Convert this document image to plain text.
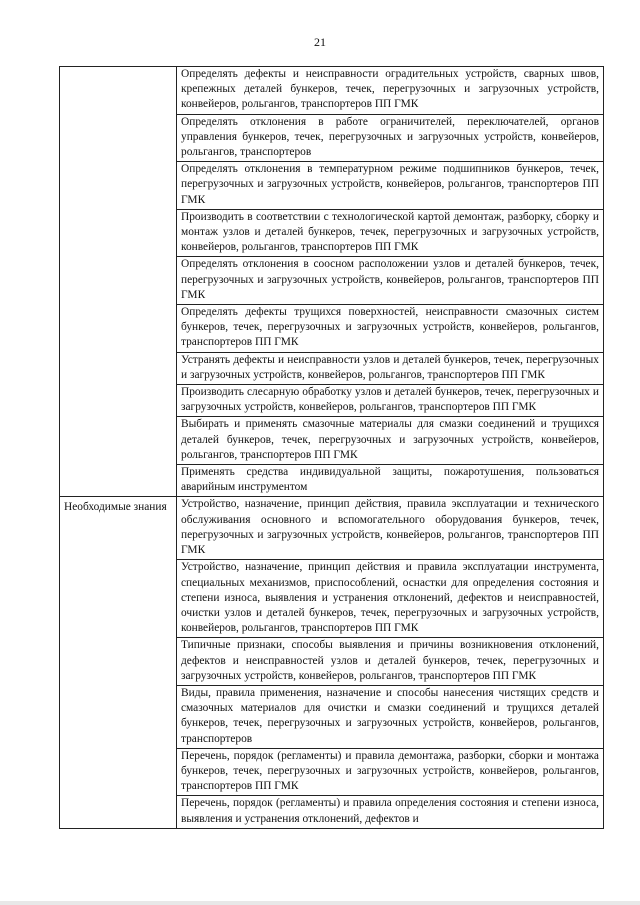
21

	Определять дефекты и неисправности оградительных устройств, сварных швов, крепежных деталей бункеров, течек, перегрузочных и загрузочных устройств, конвейеров, рольгангов, транспортеров ПП ГМК

	Определять отклонения в работе ограничителей, переключателей, органов управления бункеров, течек, перегрузочных и загрузочных устройств, конвейеров, рольгангов, транспортеров

	Определять отклонения в температурном режиме подшипников бункеров, течек, перегрузочных и загрузочных устройств, конвейеров, рольгангов, транспортеров ПП ГМК

	Производить в соответствии с технологической картой демонтаж, разборку, сборку и монтаж узлов и деталей бункеров, течек, перегрузочных и загрузочных устройств, конвейеров, рольгангов, транспортеров ПП ГМК

	Определять отклонения в соосном расположении узлов и деталей бункеров, течек, перегрузочных и загрузочных устройств, конвейеров, рольгангов, транспортеров ПП ГМК

	Определять дефекты трущихся поверхностей, неисправности смазочных систем бункеров, течек, перегрузочных и загрузочных устройств, конвейеров, рольгангов, транспортеров ПП ГМК

	Устранять дефекты и неисправности узлов и деталей бункеров, течек, перегрузочных и загрузочных устройств, конвейеров, рольгангов, транспортеров ПП ГМК

	Производить слесарную обработку узлов и деталей бункеров, течек, перегрузочных и загрузочных устройств, конвейеров, рольгангов, транспортеров ПП ГМК

	Выбирать и применять смазочные материалы для смазки соединений и трущихся деталей бункеров, течек, перегрузочных и загрузочных устройств, конвейеров, рольгангов, транспортеров ПП ГМК

	Применять средства индивидуальной защиты, пожаротушения, пользоваться аварийным инструментом

Необходимые знания	Устройство, назначение, принцип действия, правила эксплуатации и технического обслуживания основного и вспомогательного оборудования бункеров, течек, перегрузочных и загрузочных устройств, конвейеров, рольгангов, транспортеров ПП ГМК

	Устройство, назначение, принцип действия и правила эксплуатации инструмента, специальных механизмов, приспособлений, оснастки для определения состояния и степени износа, выявления и устранения отклонений, дефектов и неисправностей, очистки узлов и деталей бункеров, течек, перегрузочных и загрузочных устройств, конвейеров, рольгангов, транспортеров ПП ГМК

	Типичные признаки, способы выявления и причины возникновения отклонений, дефектов и неисправностей узлов и деталей бункеров, течек, перегрузочных и загрузочных устройств, конвейеров, рольгангов, транспортеров ПП ГМК

	Виды, правила применения, назначение и способы нанесения чистящих средств и смазочных материалов для очистки и смазки соединений и трущихся деталей бункеров, течек, перегрузочных и загрузочных устройств, конвейеров, рольгангов, транспортеров

	Перечень, порядок (регламенты) и правила демонтажа, разборки, сборки и монтажа бункеров, течек, перегрузочных и загрузочных устройств, конвейеров, рольгангов, транспортеров ПП ГМК

	Перечень, порядок (регламенты) и правила определения состояния и степени износа, выявления и устранения отклонений, дефектов и
